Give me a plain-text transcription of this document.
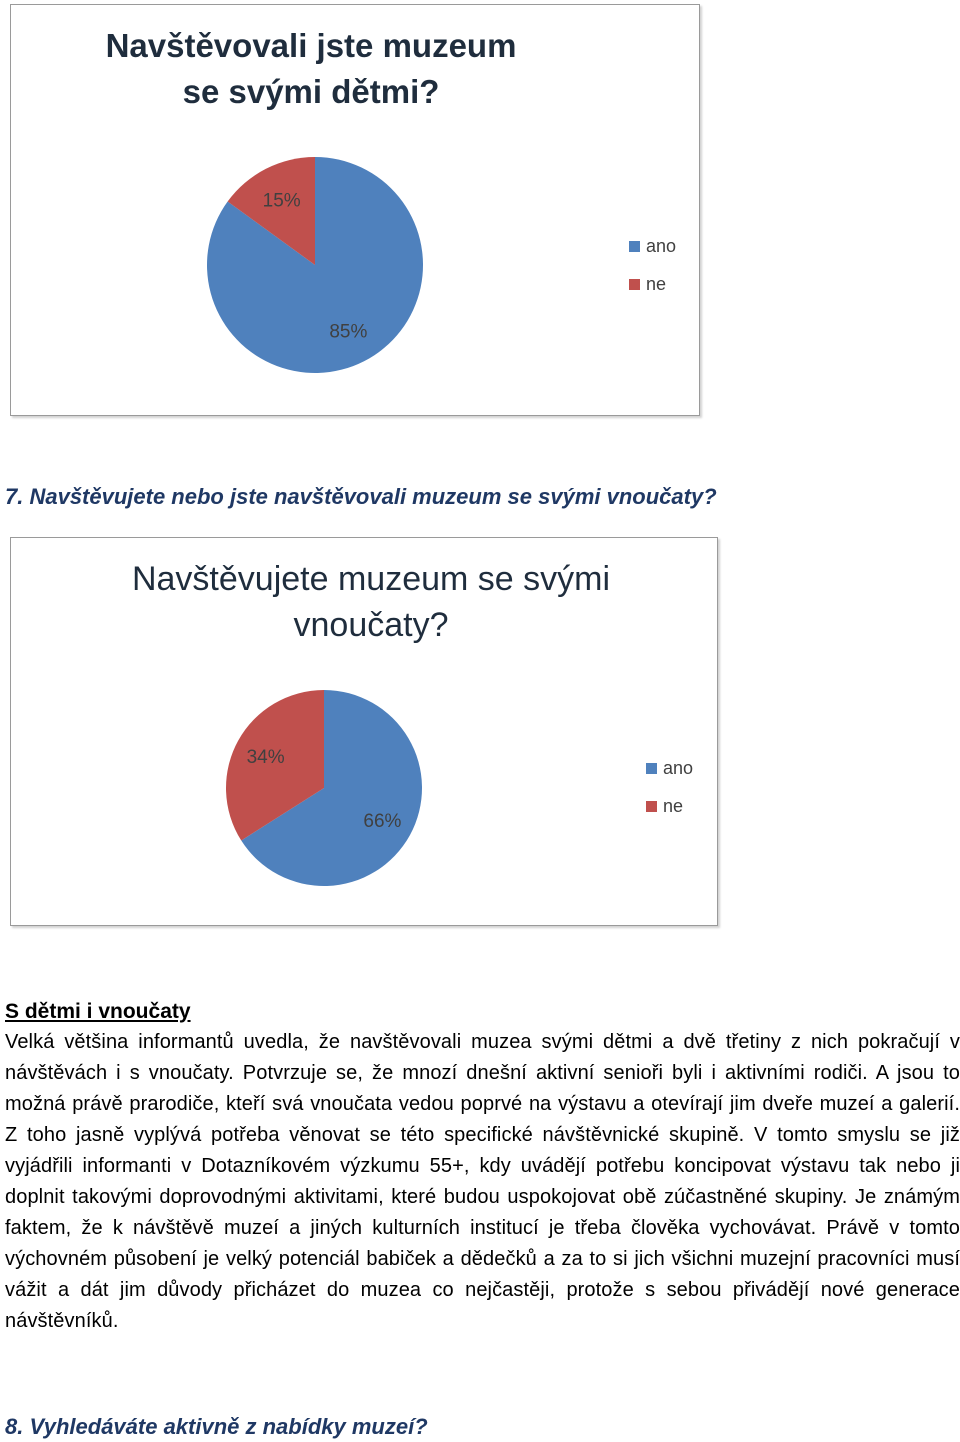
Navštěvovali jste muzeum
se svými dětmi?
85%
15%
ano
ne
7. Navštěvujete nebo jste navštěvovali muzeum se svými vnoučaty?
Navštěvujete muzeum se svými
vnoučaty?
66%
34%	ano
ne
S dětmi i vnoučaty
Velká většina informantů uvedla, že navštěvovali muzea svými dětmi a dvě třetiny z nich pokračují v návštěvách i s vnoučaty. Potvrzuje se, že mnozí dnešní aktivní senioři byli i aktivními rodiči. A jsou to možná právě prarodiče, kteří svá vnoučata vedou poprvé na výstavu a otevírají jim dveře muzeí a galerií. Z toho jasně vyplývá potřeba věnovat se této specifické návštěvnické skupině. V tomto smyslu se již vyjádřili informanti v Dotazníkovém výzkumu 55+, kdy uvádějí potřebu koncipovat výstavu tak nebo ji doplnit takovými doprovodnými aktivitami, které budou uspokojovat obě zúčastněné skupiny. Je známým faktem, že k návštěvě muzeí a jiných kulturních institucí je třeba člověka vychovávat. Právě v tomto výchovném působení je velký potenciál babiček a dědečků a za to si jich všichni muzejní pracovníci musí vážit a dát jim důvody přicházet do muzea co nejčastěji, protože s sebou přivádějí nové generace návštěvníků.
8. Vyhledáváte aktivně z nabídky muzeí?
